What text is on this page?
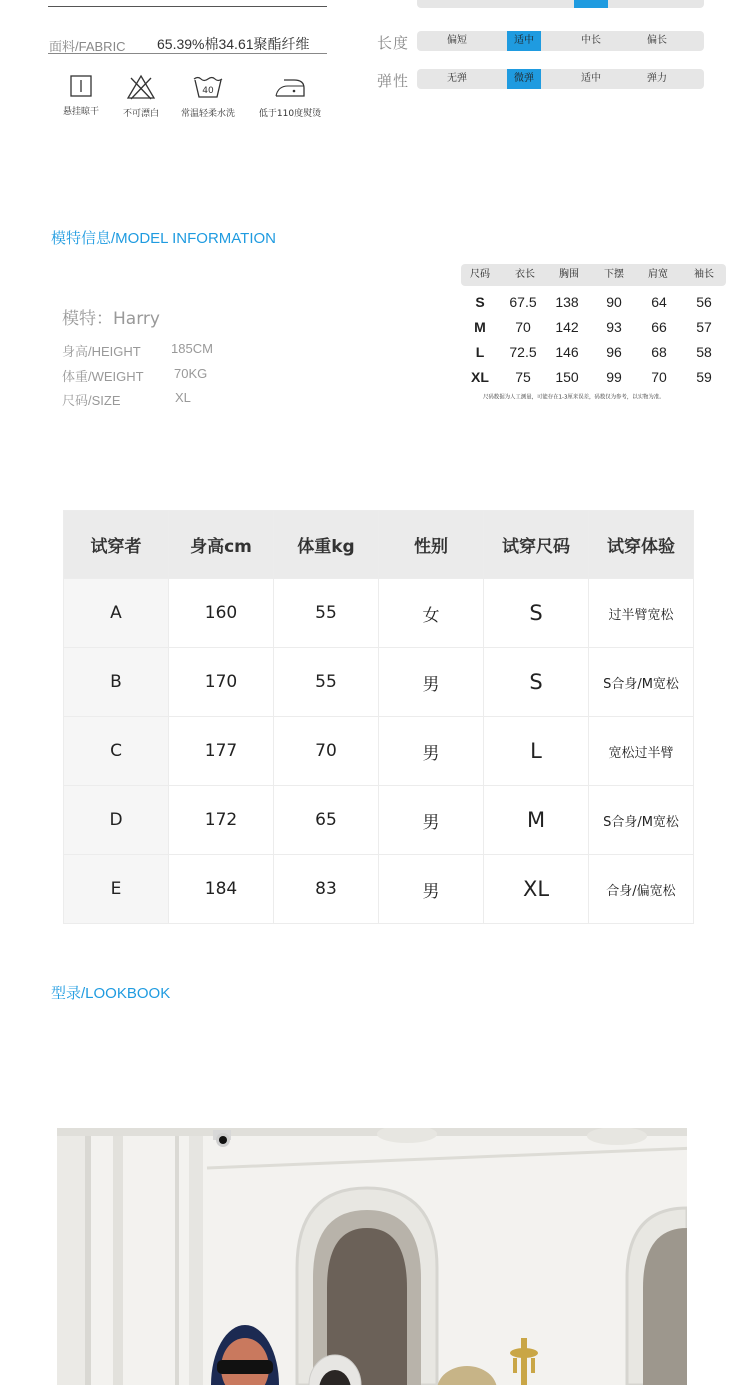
面料/FABRIC 65.39%棉34.61聚酯纤维
悬挂晾干	不可漂白
40
常温轻柔水洗	低于110度熨烫
长度	偏短	适中	中长	偏长
弹性	无弹	微弹	适中	弹力
模特信息/MODEL INFORMATION
模特：Harry
身高/HEIGHT 185CM
体重/WEIGHT 70KG
尺码/SIZE	XL
尺码	衣长	胸围	下摆	肩宽	袖长
S	67.5	138	90	64	56
M	70	142	93	66	57
L	72.5	146	96	68	58
XL	75	150	99	70	59
尺码数据为人工测量，可能存在1-3厘米误差，码数仅为参考，以实物为准。
试穿者	身高cm	体重kg	性别	试穿尺码	试穿体验
A	160	55	女	S	过半臂宽松
B	170	55	男	S	S合身/M宽松
C	177	70	男	L	宽松过半臂
D	172	65	男	M	S合身/M宽松
E	184	83	男	XL	合身/偏宽松
型录/LOOKBOOK
